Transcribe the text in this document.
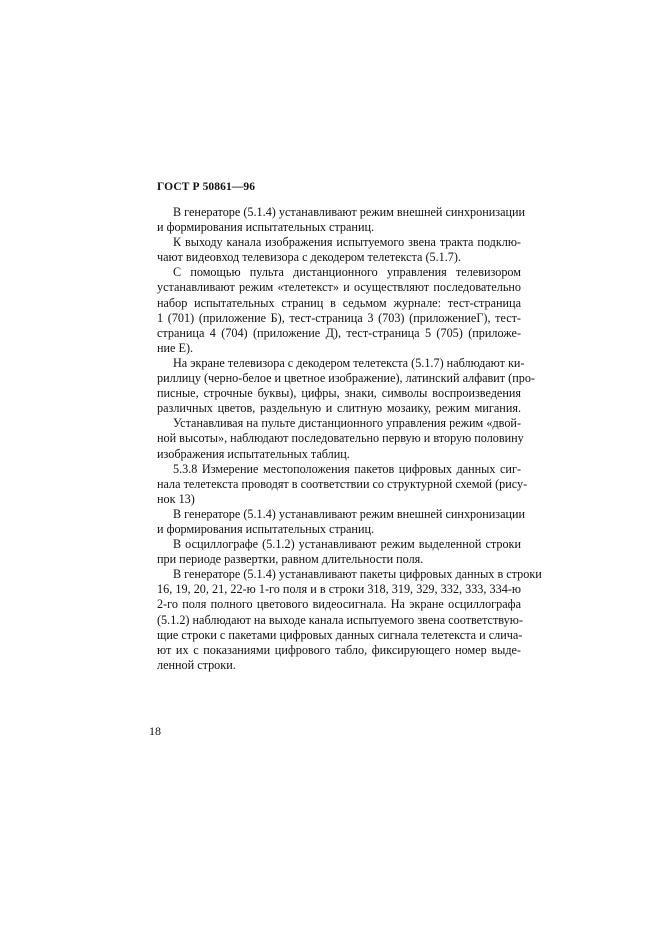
ГОСТ Р 50861—96
В генераторе (5.1.4) устанавливают режим внешней синхронизации
и формирования испытательных страниц.
К выходу канала изображения испытуемого звена тракта подклю-
чают видеовход телевизора с декодером телетекста (5.1.7).
С помощью пульта дистанционного управления телевизором
устанавливают режим «телетекст» и осуществляют последовательно
набор испытательных страниц в седьмом журнале: тест-страница
1 (701) (приложение Б), тест-страница 3 (703) (приложениеГ), тест-
страница 4 (704) (приложение Д), тест-страница 5 (705) (приложе-
ние Е).
На экране телевизора с декодером телетекста (5.1.7) наблюдают ки-
риллицу (черно-белое и цветное изображение), латинский алфавит (про-
писные, строчные буквы), цифры, знаки, символы воспроизведения
различных цветов, раздельную и слитную мозаику, режим мигания.
Устанавливая на пульте дистанционного управления режим «двой-
ной высоты», наблюдают последовательно первую и вторую половину
изображения испытательных таблиц.
5.3.8 Измерение местоположения пакетов цифровых данных сиг-
нала телетекста проводят в соответствии со структурной схемой (рису-
нок 13)
В генераторе (5.1.4) устанавливают режим внешней синхронизации
и формирования испытательных страниц.
В осциллографе (5.1.2) устанавливают режим выделенной строки
при периоде развертки, равном длительности поля.
В генераторе (5.1.4) устанавливают пакеты цифровых данных в строки
16, 19, 20, 21, 22-ю 1-го поля и в строки 318, 319, 329, 332, 333, 334-ю
2-го поля полного цветового видеосигнала. На экране осциллографа
(5.1.2) наблюдают на выходе канала испытуемого звена соответствую-
щие строки с пакетами цифровых данных сигнала телетекста и слича-
ют их с показаниями цифрового табло, фиксирующего номер выде-
ленной строки.
18
